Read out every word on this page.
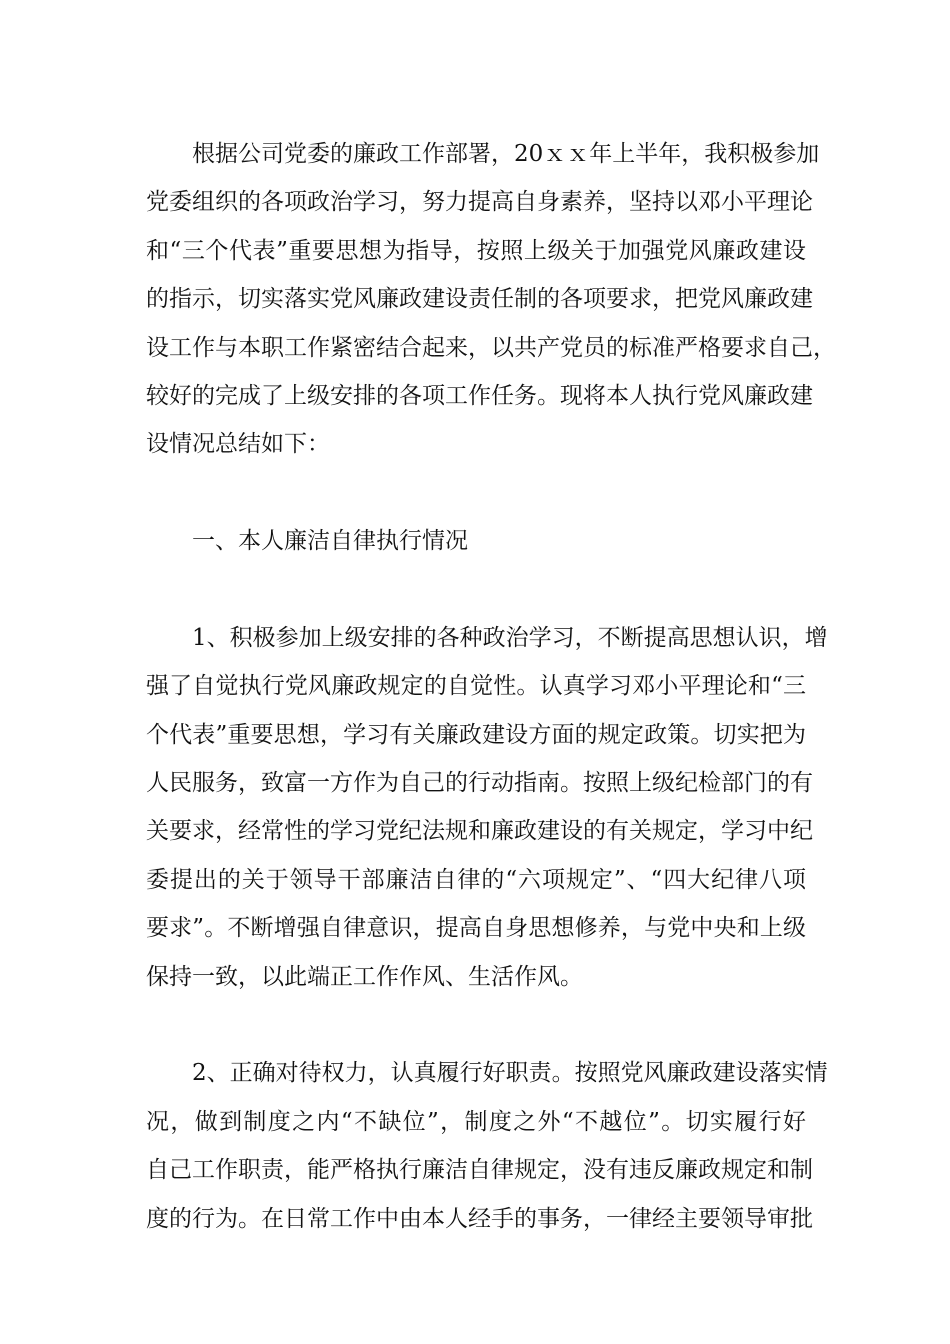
根据公司党委的廉政工作部署，20ｘｘ年上半年，我积极参加
党委组织的各项政治学习，努力提高自身素养，坚持以邓小平理论
和“三个代表”重要思想为指导，按照上级关于加强党风廉政建设
的指示，切实落实党风廉政建设责任制的各项要求，把党风廉政建
设工作与本职工作紧密结合起来，以共产党员的标准严格要求自己，
较好的完成了上级安排的各项工作任务。现将本人执行党风廉政建
设情况总结如下：
一、本人廉洁自律执行情况
1、积极参加上级安排的各种政治学习，不断提高思想认识，增
强了自觉执行党风廉政规定的自觉性。认真学习邓小平理论和“三
个代表”重要思想，学习有关廉政建设方面的规定政策。切实把为
人民服务，致富一方作为自己的行动指南。按照上级纪检部门的有
关要求，经常性的学习党纪法规和廉政建设的有关规定，学习中纪
委提出的关于领导干部廉洁自律的“六项规定”、“四大纪律八项
要求”。不断增强自律意识，提高自身思想修养，与党中央和上级
保持一致，以此端正工作作风、生活作风。
2、正确对待权力，认真履行好职责。按照党风廉政建设落实情
况，做到制度之内“不缺位”，制度之外“不越位”。切实履行好
自己工作职责，能严格执行廉洁自律规定，没有违反廉政规定和制
度的行为。在日常工作中由本人经手的事务，一律经主要领导审批
